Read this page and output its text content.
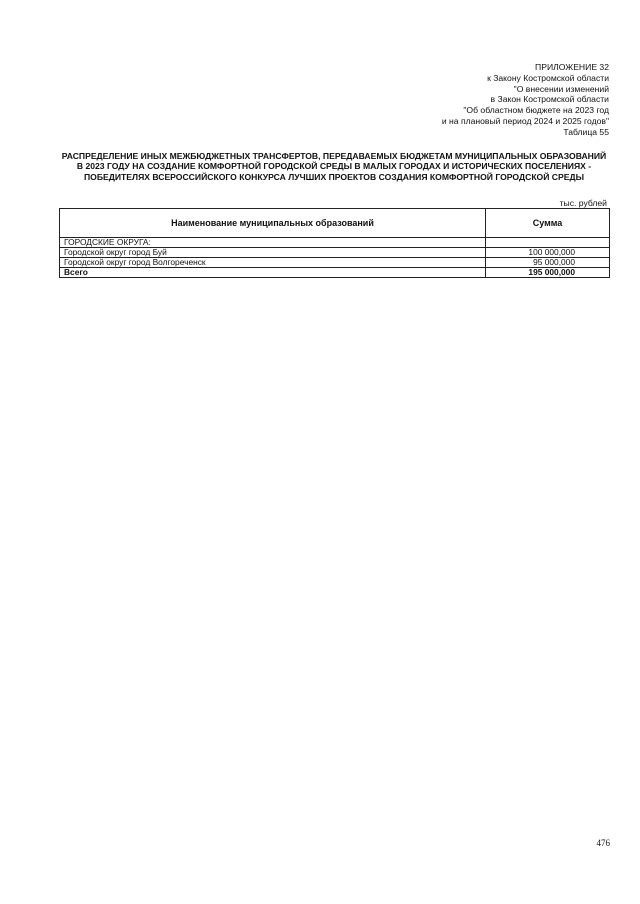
ПРИЛОЖЕНИЕ 32
к Закону Костромской области
"О внесении изменений
в Закон Костромской области
"Об областном бюджете на 2023 год
и на плановый период 2024 и 2025 годов"
Таблица 55
РАСПРЕДЕЛЕНИЕ ИНЫХ МЕЖБЮДЖЕТНЫХ ТРАНСФЕРТОВ, ПЕРЕДАВАЕМЫХ БЮДЖЕТАМ МУНИЦИПАЛЬНЫХ ОБРАЗОВАНИЙ В 2023 ГОДУ НА СОЗДАНИЕ КОМФОРТНОЙ ГОРОДСКОЙ СРЕДЫ В МАЛЫХ ГОРОДАХ И ИСТОРИЧЕСКИХ ПОСЕЛЕНИЯХ - ПОБЕДИТЕЛЯХ ВСЕРОССИЙСКОГО КОНКУРСА ЛУЧШИХ ПРОЕКТОВ СОЗДАНИЯ КОМФОРТНОЙ ГОРОДСКОЙ СРЕДЫ
тыс. рублей
Наименование муниципальных образований	Сумма
ГОРОДСКИЕ ОКРУГА:	
Городской округ город Буй	100 000,000
Городской округ город Волгореченск	95 000,000
Всего	195 000,000
476
